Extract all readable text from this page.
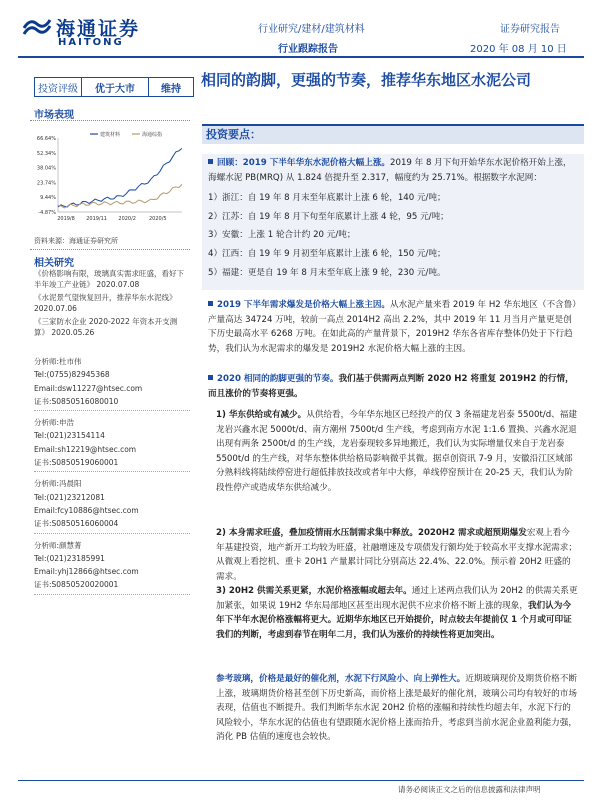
海通证券
HAITONG
行业研究/建材/建筑材料
行业跟踪报告
证券研究报告
2020 年 08 月 10 日
投资评级	优于大市	维持	相同的韵脚，更强的节奏，推荐华东地区水泥公司
市场表现
66.64%
52.34%
38.04%
23.74%
9.44%
-4.87%
2019/8 2019/11 2020/2	2020/5
建筑材料	海通综指
资料来源：海通证券研究所
相关研究
《价格影响有限，玻璃真实需求旺盛，看好下半年竣工产业链》 2020.07.08
《水泥景气望恢复回升，推荐华东水泥线》 2020.07.06
《三家防水企业 2020-2022 年资本开支测算》 2020.05.26
分析师:杜市伟
Tel:(0755)82945368
Email:dsw11227@htsec.com
证书:S0850516080010
分析师:申浩
Tel:(021)23154114
Email:sh12219@htsec.com
证书:S0850519060001
分析师:冯晨阳
Tel:(021)23212081
Email:fcy10886@htsec.com
证书:S0850516060004
分析师:颜慧菁
Tel:(021)23185991
Email:yhj12866@htsec.com
证书:S0850520020001
投资要点：
回顾：2019 下半年华东水泥价格大幅上涨。2019 年 8 月下旬开始华东水泥价格开始上涨，海螺水泥 PB(MRQ) 从 1.824 倍提升至 2.317，幅度约为 25.71%。根据数字水泥网：
1）浙江：自 19 年 8 月末至年底累计上涨 6 轮，140 元/吨；
2）江苏：自 19 年 8 月下旬至年底累计上涨 4 轮，95 元/吨；
3）安徽：上涨 1 轮合计约 20 元/吨；
4）江西：自 19 年 9 月初至年底累计上涨 6 轮，150 元/吨；
5）福建：更是自 19 年 8 月末至年底上涨 9 轮，230 元/吨。
2019 下半年需求爆发是价格大幅上涨主因。从水泥产量来看 2019 年 H2 华东地区（不含鲁）产量高达 34724 万吨，较前一高点 2014H2 高出 2.2%，其中 2019 年 11 月当月产量更是创下历史最高水平 6268 万吨。在如此高的产量背景下，2019H2 华东各省库存整体仍处于下行趋势，我们认为水泥需求的爆发是 2019H2 水泥价格大幅上涨的主因。
2020 相同的韵脚更强的节奏。我们基于供需两点判断 2020 H2 将重复 2019H2 的行情，而且涨价的节奏将更强。
1) 华东供给或有减少。从供给看，今年华东地区已经投产的仅 3 条福建龙岩泰 5500t/d、福建龙岩兴鑫水泥 5000t/d、南方潮州 7500t/d 生产线，考虑到南方水泥 1:1.6 置换、兴鑫水泥退出现有两条 2500t/d 的生产线，龙岩泰现较多异地搬迁，我们认为实际增量仅来自于龙岩泰 5500t/d 的生产线，对华东整体供给格局影响微乎其微。据卓创资讯 7-9 月，安徽沿江区域部分熟料线将陆续停窑进行超低排放技改或者年中大修，单线停窑预计在 20-25 天，我们认为阶段性停产或造成华东供给减少。
2) 本身需求旺盛，叠加疫情雨水压制需求集中释放。2020H2 需求或超预期爆发宏观上看今年基建投资，地产新开工均较为旺盛，社融增速及专项债发行额均处于较高水平支撑水泥需求；从微观上看挖机、重卡 20H1 产量累计同比分别高达 22.4%、22.0%。预示着 20H2 旺盛的需求。
3) 20H2 供需关系更紧，水泥价格涨幅或超去年。通过上述两点我们认为 20H2 的供需关系更加紧张，如果说 19H2 华东局部地区甚至出现水泥供不应求价格不断上涨的现象，我们认为今年下半年水泥价格涨幅将更大。近期华东地区已开始提价，时点较去年提前仅 1 个月或可印证我们的判断，考虑到春节在明年二月，我们认为涨价的持续性将更加突出。
参考玻璃，价格是最好的催化剂，水泥下行风险小、向上弹性大。近期玻璃现价及期货价格不断上涨，玻璃期货价格甚至创下历史新高，而价格上涨是最好的催化剂，玻璃公司均有较好的市场表现，估值也不断提升。我们判断华东水泥 20H2 价格的涨幅和持续性均超去年，水泥下行的风险较小，华东水泥的估值也有望跟随水泥价格上涨而抬升，考虑到当前水泥企业盈利能力强，消化 PB 估值的速度也会较快。
请务必阅读正文之后的信息披露和法律声明
